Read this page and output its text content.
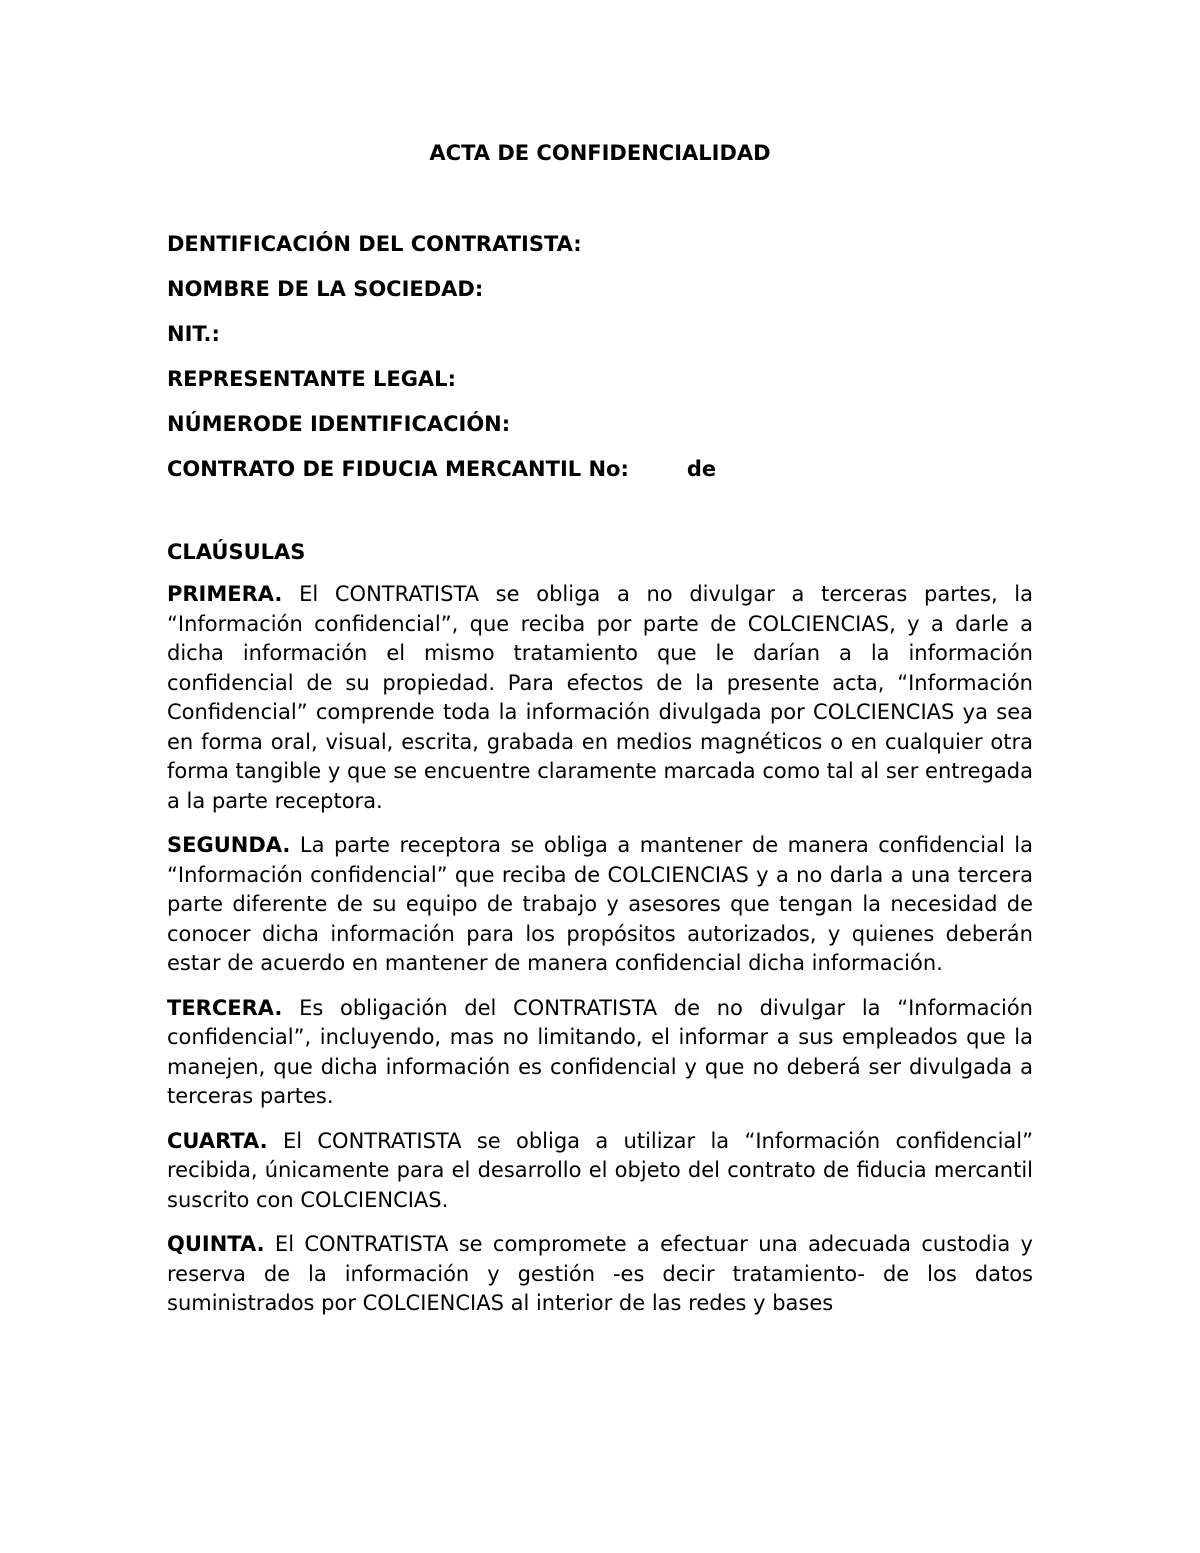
ACTA DE CONFIDENCIALIDAD
DENTIFICACIÓN DEL CONTRATISTA:
NOMBRE DE LA SOCIEDAD:
NIT.:
REPRESENTANTE LEGAL:
NÚMERODE IDENTIFICACIÓN:
CONTRATO DE FIDUCIA MERCANTIL No:	de
CLAÚSULAS

PRIMERA. El CONTRATISTA se obliga a no divulgar a terceras partes, la “Información confidencial”, que reciba por parte de COLCIENCIAS, y a darle a dicha información el mismo tratamiento que le darían a la información confidencial de su propiedad. Para efectos de la presente acta, “Información Confidencial” comprende toda la información divulgada por COLCIENCIAS ya sea en forma oral, visual, escrita, grabada en medios magnéticos o en cualquier otra forma tangible y que se encuentre claramente marcada como tal al ser entregada a la parte receptora.

SEGUNDA. La parte receptora se obliga a mantener de manera confidencial la “Información confidencial” que reciba de COLCIENCIAS y a no darla a una tercera parte diferente de su equipo de trabajo y asesores que tengan la necesidad de conocer dicha información para los propósitos autorizados, y quienes deberán estar de acuerdo en mantener de manera confidencial dicha información.

TERCERA. Es obligación del CONTRATISTA de no divulgar la “Información confidencial”, incluyendo, mas no limitando, el informar a sus empleados que la manejen, que dicha información es confidencial y que no deberá ser divulgada a terceras partes.

CUARTA. El CONTRATISTA se obliga a utilizar la “Información confidencial” recibida, únicamente para el desarrollo el objeto del contrato de fiducia mercantil suscrito con COLCIENCIAS.

QUINTA. El CONTRATISTA se compromete a efectuar una adecuada custodia y reserva de la información y gestión -es decir tratamiento- de los datos suministrados por COLCIENCIAS al interior de las redes y bases
